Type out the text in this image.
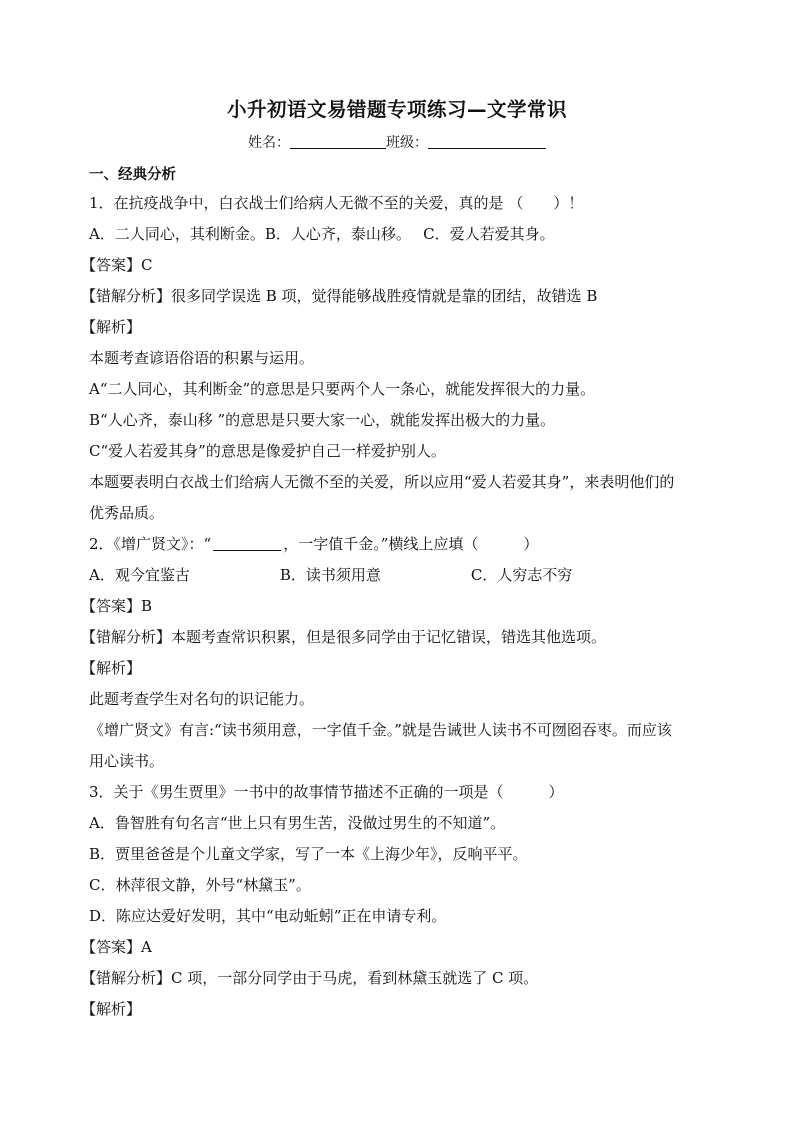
小升初语文易错题专项练习—文学常识
姓名：	班级：
一、经典分析
1．在抗疫战争中，白衣战士们给病人无微不至的关爱，真的是 （　　）！
A．二人同心，其利断金。B．人心齐，泰山移。　 C．爱人若爱其身。
【答案】C
【错解分析】很多同学误选 B 项，觉得能够战胜疫情就是靠的团结，故错选 B
【解析】
本题考查谚语俗语的积累与运用。
A“二人同心，其利断金”的意思是只要两个人一条心，就能发挥很大的力量。
B“人心齐，泰山移 ”的意思是只要大家一心，就能发挥出极大的力量。
C“爱人若爱其身”的意思是像爱护自己一样爱护别人。
本题要表明白衣战士们给病人无微不至的关爱，所以应用“爱人若爱其身”，来表明他们的
优秀品质。
2．《增广贤文》：“	，一字值千金。”横线上应填（　　　）
A．观今宜鉴古	B．读书须用意	C．人穷志不穷
【答案】B
【错解分析】本题考查常识积累，但是很多同学由于记忆错误，错选其他选项。
【解析】
此题考查学生对名句的识记能力。
《增广贤文》有言:“读书须用意，一字值千金。”就是告诫世人读书不可囫囵吞枣。而应该
用心读书。
3．关于《男生贾里》一书中的故事情节描述不正确的一项是（　　　）
A．鲁智胜有句名言“世上只有男生苦，没做过男生的不知道”。
B．贾里爸爸是个儿童文学家，写了一本《上海少年》，反响平平。
C．林萍很文静，外号“林黛玉”。
D．陈应达爱好发明，其中“电动蚯蚓”正在申请专利。
【答案】A
【错解分析】C 项，一部分同学由于马虎，看到林黛玉就选了 C 项。
【解析】
